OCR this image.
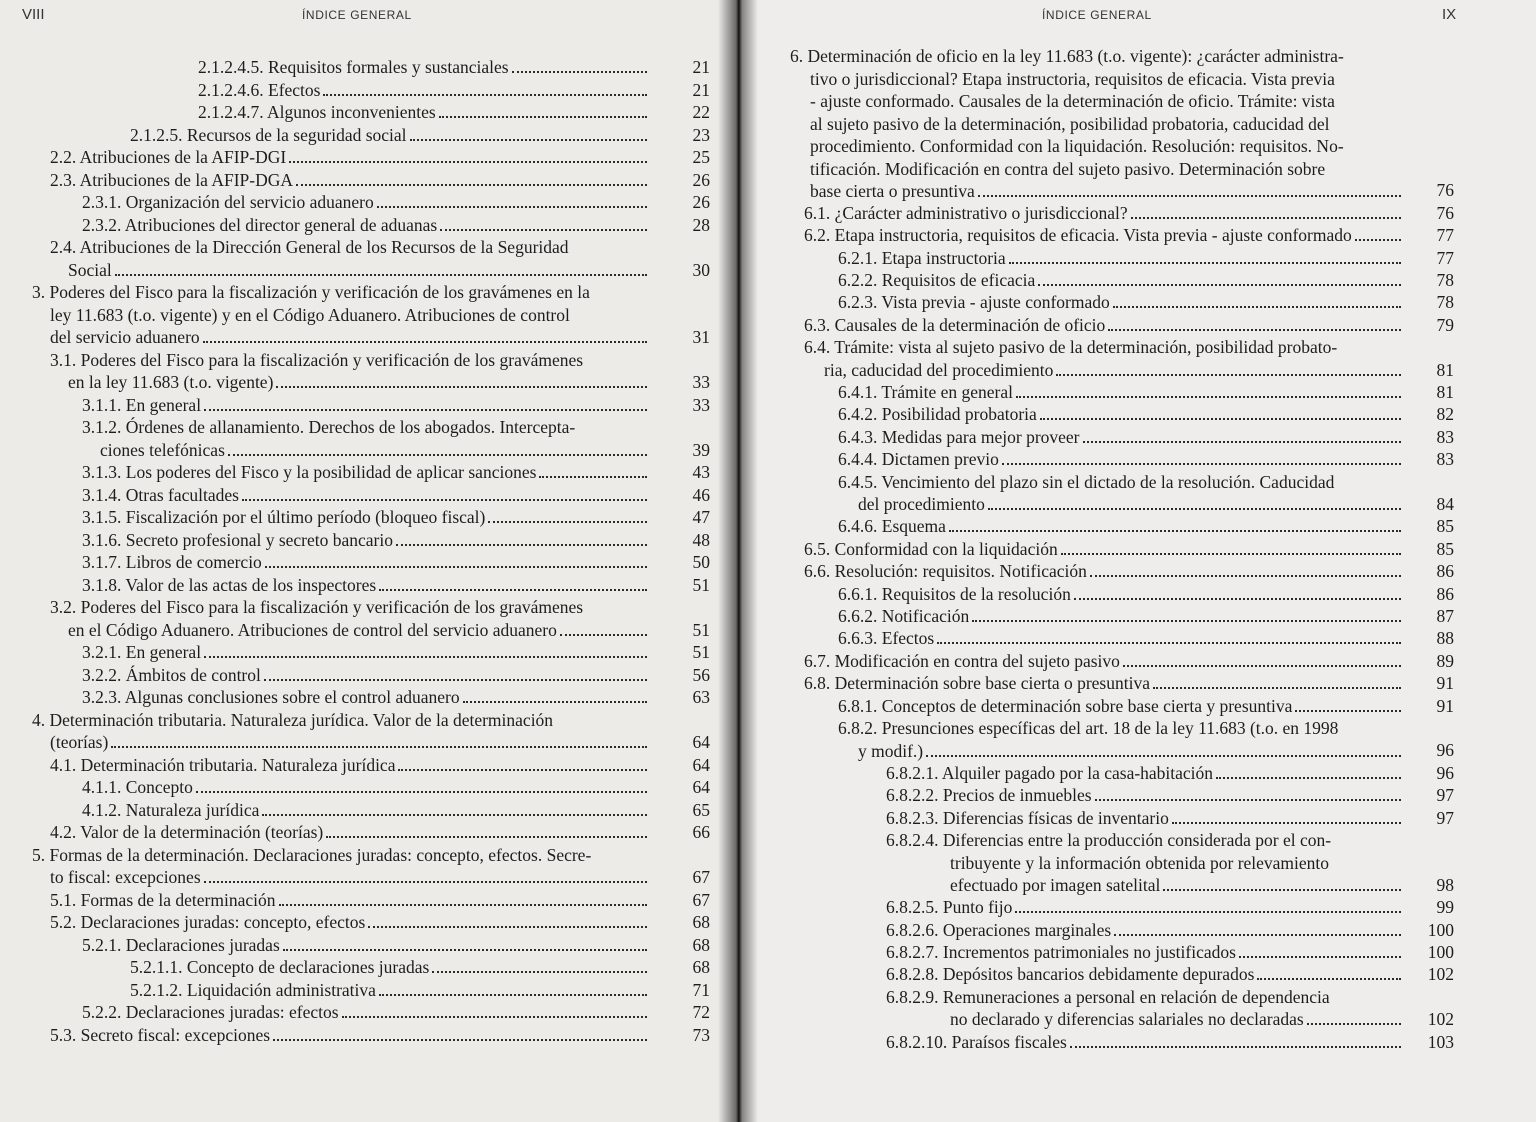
VIII	ÍNDICE GENERAL
2.1.2.4.5. Requisitos formales y sustanciales	21
2.1.2.4.6. Efectos	21
2.1.2.4.7. Algunos inconvenientes	22
2.1.2.5. Recursos de la seguridad social	23
2.2. Atribuciones de la AFIP-DGI	25
2.3. Atribuciones de la AFIP-DGA	26
2.3.1. Organización del servicio aduanero	26
2.3.2. Atribuciones del director general de aduanas	28
2.4. Atribuciones de la Dirección General de los Recursos de la Seguridad
Social	30
3. Poderes del Fisco para la fiscalización y verificación de los gravámenes en la
ley 11.683 (t.o. vigente) y en el Código Aduanero. Atribuciones de control
del servicio aduanero	31
3.1. Poderes del Fisco para la fiscalización y verificación de los gravámenes
en la ley 11.683 (t.o. vigente)	33
3.1.1. En general	33
3.1.2. Órdenes de allanamiento. Derechos de los abogados. Intercepta-
ciones telefónicas	39
3.1.3. Los poderes del Fisco y la posibilidad de aplicar sanciones	43
3.1.4. Otras facultades	46
3.1.5. Fiscalización por el último período (bloqueo fiscal)	47
3.1.6. Secreto profesional y secreto bancario	48
3.1.7. Libros de comercio	50
3.1.8. Valor de las actas de los inspectores	51
3.2. Poderes del Fisco para la fiscalización y verificación de los gravámenes
en el Código Aduanero. Atribuciones de control del servicio aduanero	51
3.2.1. En general	51
3.2.2. Ámbitos de control	56
3.2.3. Algunas conclusiones sobre el control aduanero	63
4. Determinación tributaria. Naturaleza jurídica. Valor de la determinación
(teorías)	64
4.1. Determinación tributaria. Naturaleza jurídica	64
4.1.1. Concepto	64
4.1.2. Naturaleza jurídica	65
4.2. Valor de la determinación (teorías)	66
5. Formas de la determinación. Declaraciones juradas: concepto, efectos. Secre-
to fiscal: excepciones	67
5.1. Formas de la determinación	67
5.2. Declaraciones juradas: concepto, efectos	68
5.2.1. Declaraciones juradas	68
5.2.1.1. Concepto de declaraciones juradas	68
5.2.1.2. Liquidación administrativa	71
5.2.2. Declaraciones juradas: efectos	72
5.3. Secreto fiscal: excepciones	73
ÍNDICE GENERAL	IX
6. Determinación de oficio en la ley 11.683 (t.o. vigente): ¿carácter administra-
tivo o jurisdiccional? Etapa instructoria, requisitos de eficacia. Vista previa
- ajuste conformado. Causales de la determinación de oficio. Trámite: vista
al sujeto pasivo de la determinación, posibilidad probatoria, caducidad del
procedimiento. Conformidad con la liquidación. Resolución: requisitos. No-
tificación. Modificación en contra del sujeto pasivo. Determinación sobre
base cierta o presuntiva	76
6.1. ¿Carácter administrativo o jurisdiccional?	76
6.2. Etapa instructoria, requisitos de eficacia. Vista previa - ajuste conformado	77
6.2.1. Etapa instructoria	77
6.2.2. Requisitos de eficacia	78
6.2.3. Vista previa - ajuste conformado	78
6.3. Causales de la determinación de oficio	79
6.4. Trámite: vista al sujeto pasivo de la determinación, posibilidad probato-
ria, caducidad del procedimiento	81
6.4.1. Trámite en general	81
6.4.2. Posibilidad probatoria	82
6.4.3. Medidas para mejor proveer	83
6.4.4. Dictamen previo	83
6.4.5. Vencimiento del plazo sin el dictado de la resolución. Caducidad
del procedimiento	84
6.4.6. Esquema	85
6.5. Conformidad con la liquidación	85
6.6. Resolución: requisitos. Notificación	86
6.6.1. Requisitos de la resolución	86
6.6.2. Notificación	87
6.6.3. Efectos	88
6.7. Modificación en contra del sujeto pasivo	89
6.8. Determinación sobre base cierta o presuntiva	91
6.8.1. Conceptos de determinación sobre base cierta y presuntiva	91
6.8.2. Presunciones específicas del art. 18 de la ley 11.683 (t.o. en 1998
y modif.)	96
6.8.2.1. Alquiler pagado por la casa-habitación	96
6.8.2.2. Precios de inmuebles	97
6.8.2.3. Diferencias físicas de inventario	97
6.8.2.4. Diferencias entre la producción considerada por el con-
tribuyente y la información obtenida por relevamiento
efectuado por imagen satelital	98
6.8.2.5. Punto fijo	99
6.8.2.6. Operaciones marginales	100
6.8.2.7. Incrementos patrimoniales no justificados	100
6.8.2.8. Depósitos bancarios debidamente depurados	102
6.8.2.9. Remuneraciones a personal en relación de dependencia
no declarado y diferencias salariales no declaradas	102
6.8.2.10. Paraísos fiscales	103
